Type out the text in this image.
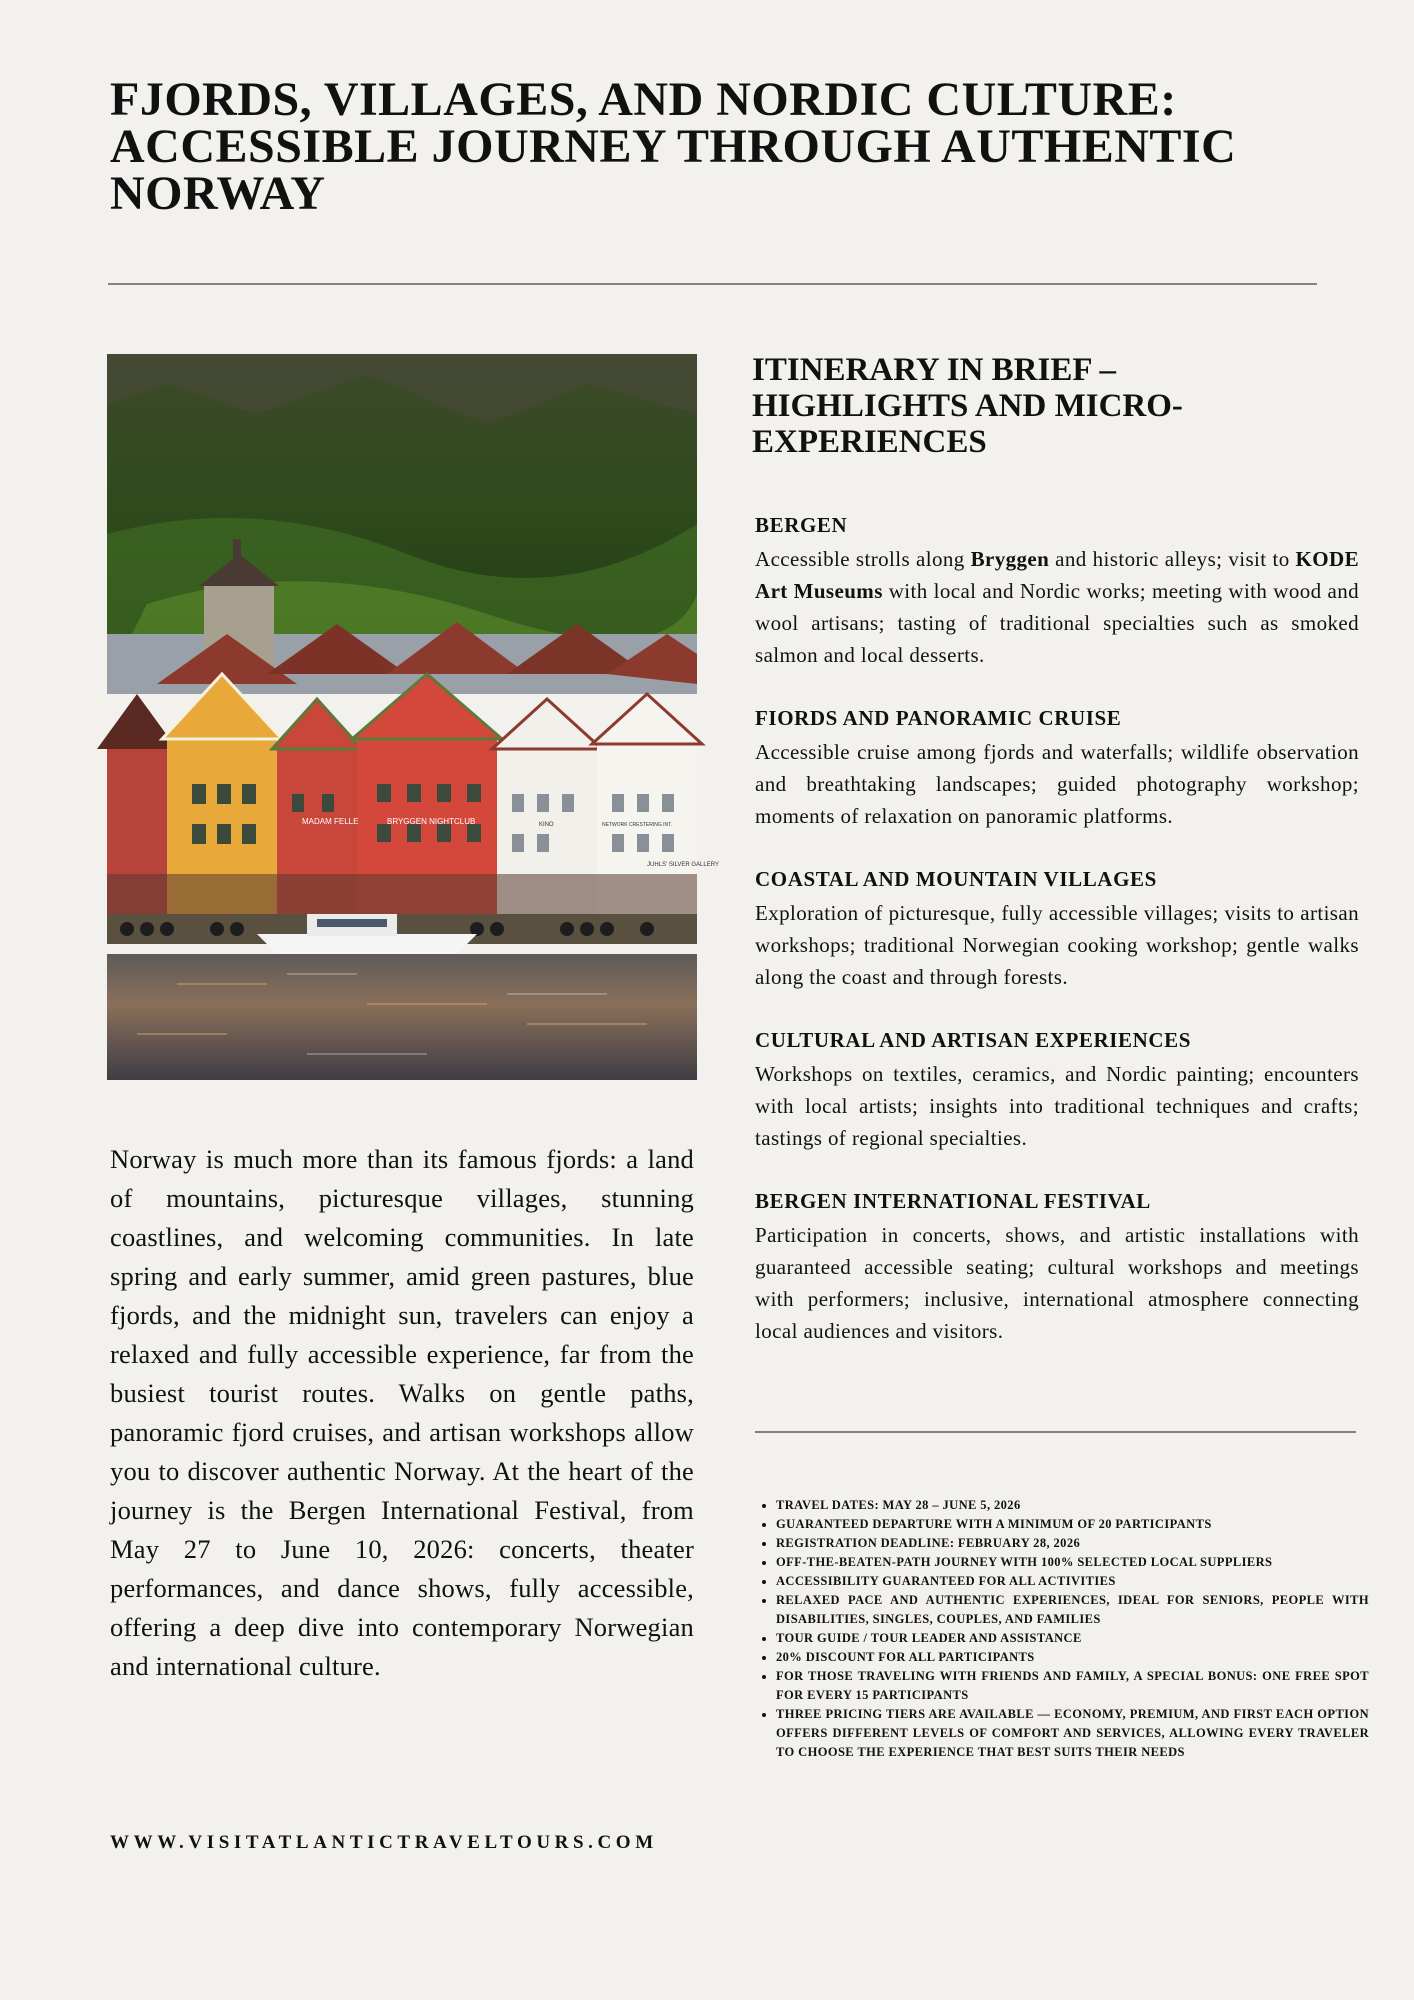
FJORDS, VILLAGES, AND NORDIC CULTURE: ACCESSIBLE JOURNEY THROUGH AUTHENTIC NORWAY
MADAM FELLE	BRYGGEN NIGHTCLUB	NETWORK CRESTERING INT.
JUHLS' SILVER GALLERY
KINO

Norway is much more than its famous fjords: a land of mountains, picturesque villages, stunning coastlines, and welcoming communities. In late spring and early summer, amid green pastures, blue fjords, and the midnight sun, travelers can enjoy a relaxed and fully accessible experience, far from the busiest tourist routes. Walks on gentle paths, panoramic fjord cruises, and artisan workshops allow you to discover authentic Norway. At the heart of the journey is the Bergen International Festival, from May 27 to June 10, 2026: concerts, theater performances, and dance shows, fully accessible, offering a deep dive into contemporary Norwegian and international culture.

WWW.VISITATLANTICTRAVELTOURS.COM

ITINERARY IN BRIEF – HIGHLIGHTS AND MICRO-EXPERIENCES
BERGEN

Accessible strolls along Bryggen and historic alleys; visit to KODE Art Museums with local and Nordic works; meeting with wood and wool artisans; tasting of traditional specialties such as smoked salmon and local desserts.

FIORDS AND PANORAMIC CRUISE

Accessible cruise among fjords and waterfalls; wildlife observation and breathtaking landscapes; guided photography workshop; moments of relaxation on panoramic platforms.

COASTAL AND MOUNTAIN VILLAGES

Exploration of picturesque, fully accessible villages; visits to artisan workshops; traditional Norwegian cooking workshop; gentle walks along the coast and through forests.

CULTURAL AND ARTISAN EXPERIENCES

Workshops on textiles, ceramics, and Nordic painting; encounters with local artists; insights into traditional techniques and crafts; tastings of regional specialties.

BERGEN INTERNATIONAL FESTIVAL

Participation in concerts, shows, and artistic installations with guaranteed accessible seating; cultural workshops and meetings with performers; inclusive, international atmosphere connecting local audiences and visitors.

• TRAVEL DATES: MAY 28 – JUNE 5, 2026
• GUARANTEED DEPARTURE WITH A MINIMUM OF 20 PARTICIPANTS
• REGISTRATION DEADLINE: FEBRUARY 28, 2026
• OFF-THE-BEATEN-PATH JOURNEY WITH 100% SELECTED LOCAL SUPPLIERS
• ACCESSIBILITY GUARANTEED FOR ALL ACTIVITIES
• RELAXED PACE AND AUTHENTIC EXPERIENCES, IDEAL FOR SENIORS, PEOPLE WITH DISABILITIES, SINGLES, COUPLES, AND FAMILIES
• TOUR GUIDE / TOUR LEADER AND ASSISTANCE
• 20% DISCOUNT FOR ALL PARTICIPANTS
• FOR THOSE TRAVELING WITH FRIENDS AND FAMILY, A SPECIAL BONUS: ONE FREE SPOT FOR EVERY 15 PARTICIPANTS
• THREE PRICING TIERS ARE AVAILABLE — ECONOMY, PREMIUM, AND FIRST EACH OPTION OFFERS DIFFERENT LEVELS OF COMFORT AND SERVICES, ALLOWING EVERY TRAVELER TO CHOOSE THE EXPERIENCE THAT BEST SUITS THEIR NEEDS
